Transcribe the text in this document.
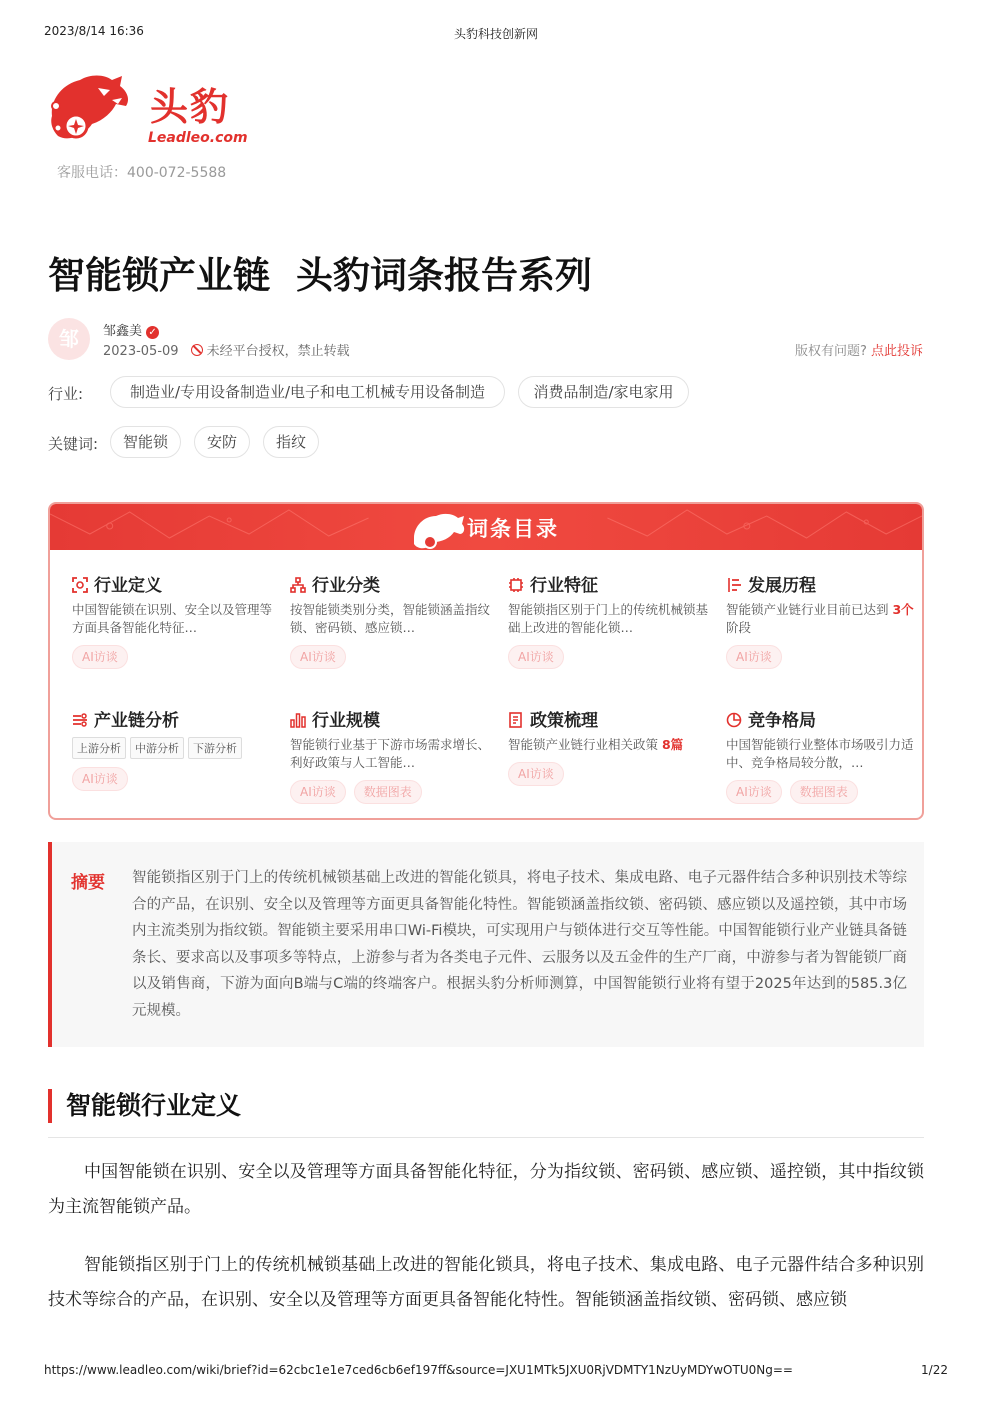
2023/8/14 16:36	头豹科技创新网
头豹
Leadleo.com
客服电话：400-072-5588
智能锁产业链 头豹词条报告系列
邹	邹鑫美 ✓
2023-05-09 未经平台授权，禁止转载	版权有问题? 点此投诉
行业:	制造业/专用设备制造业/电子和电工机械专用设备制造	消费品制造/家电家用
关键词:	智能锁	安防	指纹
词条目录
行业定义
中国智能锁在识别、安全以及管理等方面具备智能化特征…
AI访谈
行业分类
按智能锁类别分类，智能锁涵盖指纹锁、密码锁、感应锁…
AI访谈
行业特征
智能锁指区别于门上的传统机械锁基础上改进的智能化锁…
AI访谈
发展历程
智能锁产业链行业目前已达到 3个阶段
AI访谈
产业链分析
上游分析	中游分析	下游分析
AI访谈
行业规模
智能锁行业基于下游市场需求增长、利好政策与人工智能…
AI访谈 数据图表
政策梳理
智能锁产业链行业相关政策 8篇
AI访谈
竞争格局
中国智能锁行业整体市场吸引力适中、竞争格局较分散，…
AI访谈 数据图表
摘要 智能锁指区别于门上的传统机械锁基础上改进的智能化锁具，将电子技术、集成电路、电子元器件结合多种识别技术等综合的产品，在识别、安全以及管理等方面更具备智能化特性。智能锁涵盖指纹锁、密码锁、感应锁以及遥控锁，其中市场内主流类别为指纹锁。智能锁主要采用串口Wi-Fi模块，可实现用户与锁体进行交互等性能。中国智能锁行业产业链具备链条长、要求高以及事项多等特点，上游参与者为各类电子元件、云服务以及五金件的生产厂商，中游参与者为智能锁厂商以及销售商，下游为面向B端与C端的终端客户。根据头豹分析师测算，中国智能锁行业将有望于2025年达到的585.3亿元规模。
智能锁行业定义

中国智能锁在识别、安全以及管理等方面具备智能化特征，分为指纹锁、密码锁、感应锁、遥控锁，其中指纹锁为主流智能锁产品。

智能锁指区别于门上的传统机械锁基础上改进的智能化锁具，将电子技术、集成电路、电子元器件结合多种识别技术等综合的产品，在识别、安全以及管理等方面更具备智能化特性。智能锁涵盖指纹锁、密码锁、感应锁

https://www.leadleo.com/wiki/brief?id=62cbc1e1e7ced6cb6ef197ff&source=JXU1MTk5JXU0RjVDMTY1NzUyMDYwOTU0Ng==	1/22
